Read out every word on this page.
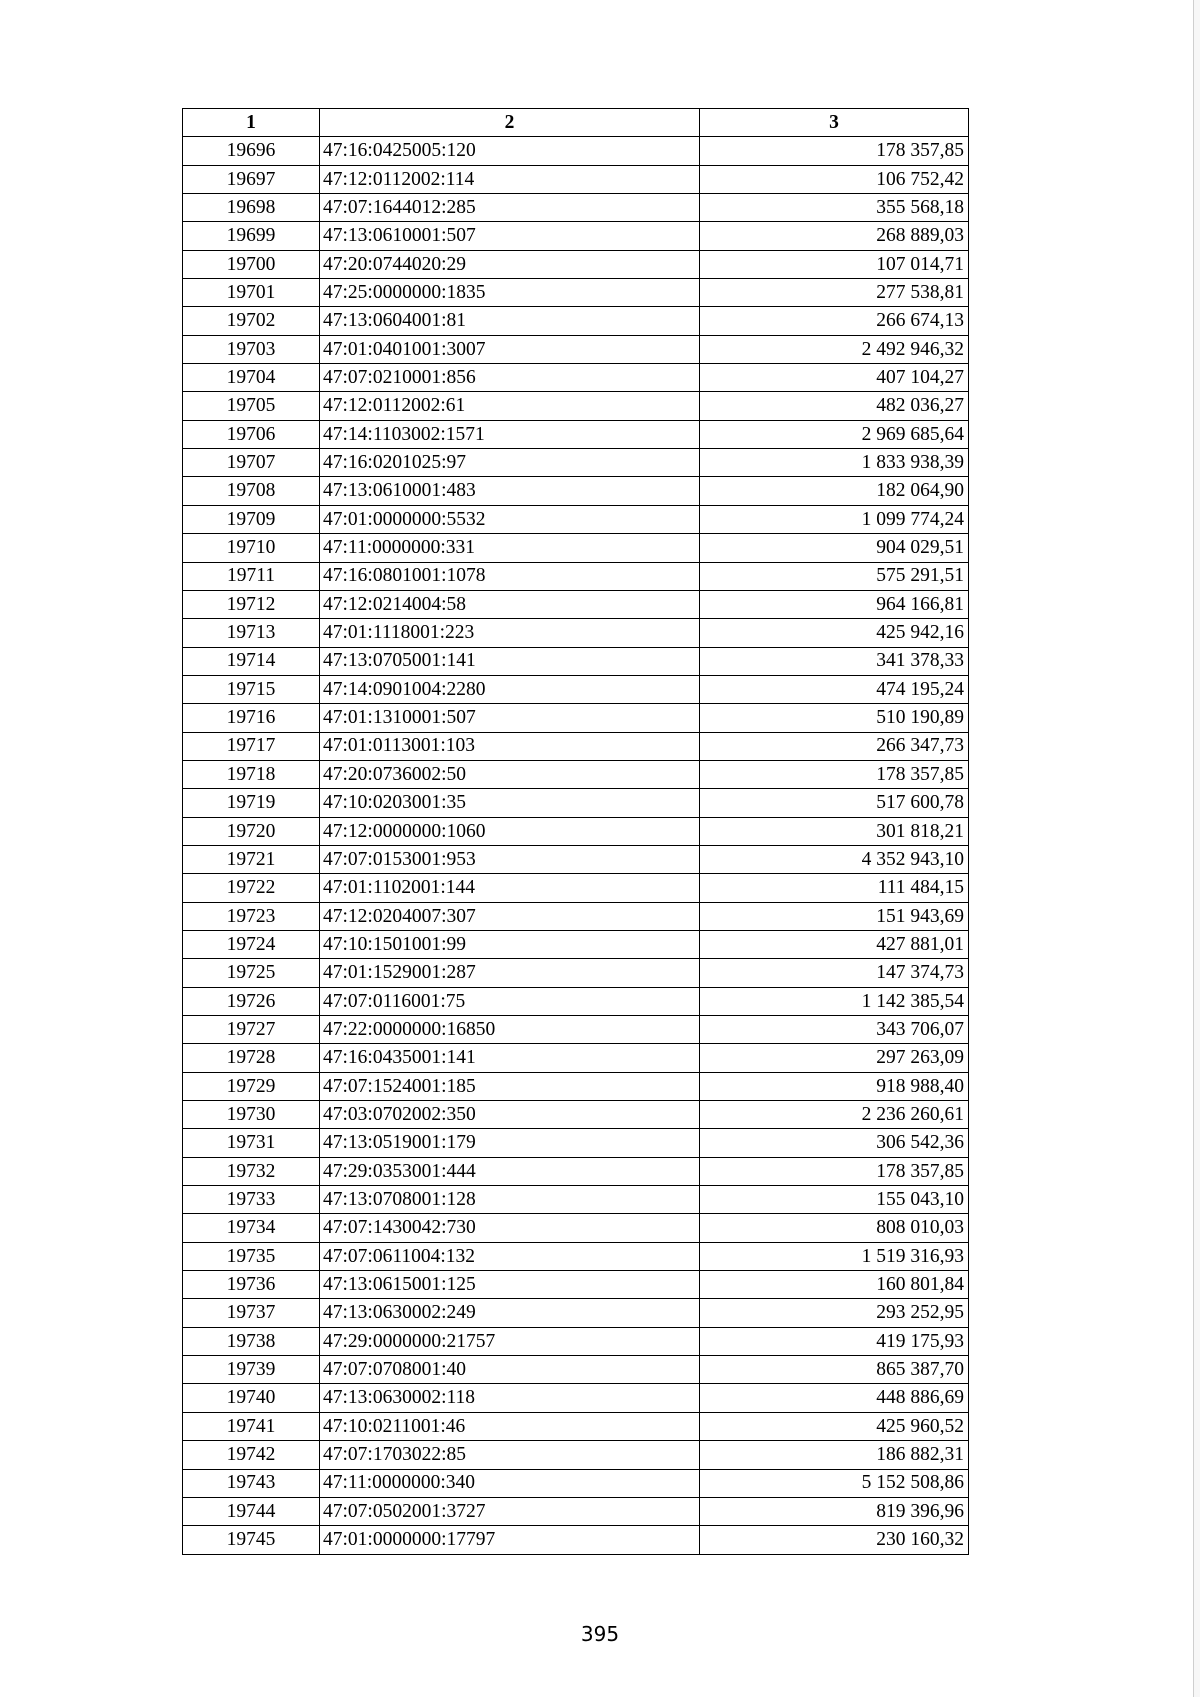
1	2	3
19696	47:16:0425005:120	178 357,85
19697	47:12:0112002:114	106 752,42
19698	47:07:1644012:285	355 568,18
19699	47:13:0610001:507	268 889,03
19700	47:20:0744020:29	107 014,71
19701	47:25:0000000:1835	277 538,81
19702	47:13:0604001:81	266 674,13
19703	47:01:0401001:3007	2 492 946,32
19704	47:07:0210001:856	407 104,27
19705	47:12:0112002:61	482 036,27
19706	47:14:1103002:1571	2 969 685,64
19707	47:16:0201025:97	1 833 938,39
19708	47:13:0610001:483	182 064,90
19709	47:01:0000000:5532	1 099 774,24
19710	47:11:0000000:331	904 029,51
19711	47:16:0801001:1078	575 291,51
19712	47:12:0214004:58	964 166,81
19713	47:01:1118001:223	425 942,16
19714	47:13:0705001:141	341 378,33
19715	47:14:0901004:2280	474 195,24
19716	47:01:1310001:507	510 190,89
19717	47:01:0113001:103	266 347,73
19718	47:20:0736002:50	178 357,85
19719	47:10:0203001:35	517 600,78
19720	47:12:0000000:1060	301 818,21
19721	47:07:0153001:953	4 352 943,10
19722	47:01:1102001:144	111 484,15
19723	47:12:0204007:307	151 943,69
19724	47:10:1501001:99	427 881,01
19725	47:01:1529001:287	147 374,73
19726	47:07:0116001:75	1 142 385,54
19727	47:22:0000000:16850	343 706,07
19728	47:16:0435001:141	297 263,09
19729	47:07:1524001:185	918 988,40
19730	47:03:0702002:350	2 236 260,61
19731	47:13:0519001:179	306 542,36
19732	47:29:0353001:444	178 357,85
19733	47:13:0708001:128	155 043,10
19734	47:07:1430042:730	808 010,03
19735	47:07:0611004:132	1 519 316,93
19736	47:13:0615001:125	160 801,84
19737	47:13:0630002:249	293 252,95
19738	47:29:0000000:21757	419 175,93
19739	47:07:0708001:40	865 387,70
19740	47:13:0630002:118	448 886,69
19741	47:10:0211001:46	425 960,52
19742	47:07:1703022:85	186 882,31
19743	47:11:0000000:340	5 152 508,86
19744	47:07:0502001:3727	819 396,96
19745	47:01:0000000:17797	230 160,32
395
